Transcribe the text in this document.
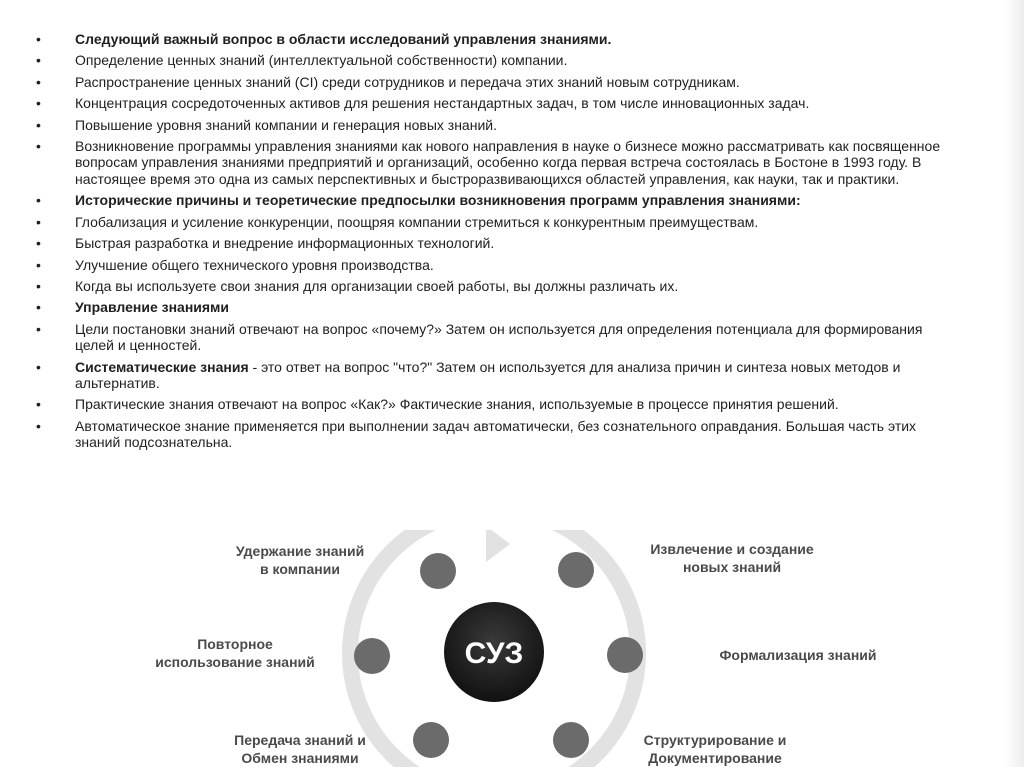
• Следующий важный вопрос в области исследований управления знаниями.
• Определение ценных знаний (интеллектуальной собственности) компании.
• Распространение ценных знаний (CI) среди сотрудников и передача этих знаний новым сотрудникам.
• Концентрация сосредоточенных активов для решения нестандартных задач, в том числе инновационных задач.
• Повышение уровня знаний компании и генерация новых знаний.
• Возникновение программы управления знаниями как нового направления в науке о бизнесе можно рассматривать как посвященное вопросам управления знаниями предприятий и организаций, особенно когда первая встреча состоялась в Бостоне в 1993 году. В настоящее время это одна из самых перспективных и быстроразвивающихся областей управления, как науки, так и практики.
• Исторические причины и теоретические предпосылки возникновения программ управления знаниями:
• Глобализация и усиление конкуренции, поощряя компании стремиться к конкурентным преимуществам.
• Быстрая разработка и внедрение информационных технологий.
• Улучшение общего технического уровня производства.
• Когда вы используете свои знания для организации своей работы, вы должны различать их.
• Управление знаниями
• Цели постановки знаний отвечают на вопрос «почему?» Затем он используется для определения потенциала для формирования целей и ценностей.
• Систематические знания - это ответ на вопрос "что?" Затем он используется для анализа причин и синтеза новых методов и альтернатив.
• Практические знания отвечают на вопрос «Как?» Фактические знания, используемые в процессе принятия решений.
• Автоматическое знание применяется при выполнении задач автоматически, без сознательного оправдания. Большая часть этих знаний подсознательна.
СУЗ
Удержание знаний
в компании
Извлечение и создание
новых знаний
Повторное
использование знаний	Формализация знаний
Передача знаний и
Обмен знаниями
Структурирование и
Документирование
